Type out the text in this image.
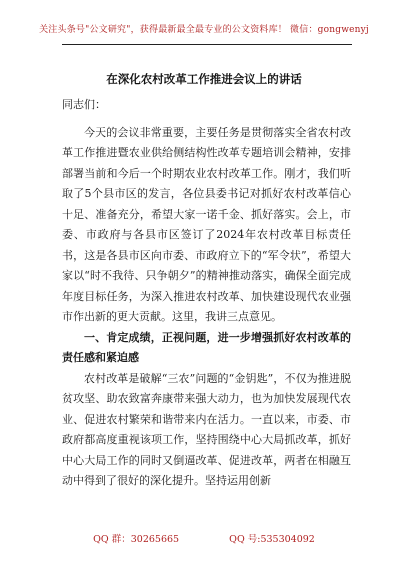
关注头条号"公文研究"，获得最新最全最专业的公文资料库！ 微信：gongwenyj
在深化农村改革工作推进会议上的讲话

同志们：

今天的会议非常重要，主要任务是贯彻落实全省农村改革工作推进暨农业供给侧结构性改革专题培训会精神，安排部署当前和今后一个时期农业农村改革工作。刚才，我们听取了5个县市区的发言，各位县委书记对抓好农村改革信心十足、准备充分，希望大家一诺千金、抓好落实。会上，市委、市政府与各县市区签订了2024年农村改革目标责任书，这是各县市区向市委、市政府立下的“军令状”，希望大家以“时不我待、只争朝夕”的精神推动落实，确保全面完成年度目标任务，为深入推进农村改革、加快建设现代农业强市作出新的更大贡献。这里，我讲三点意见。

一、肯定成绩，正视问题，进一步增强抓好农村改革的责任感和紧迫感

农村改革是破解“三农”问题的“金钥匙”，不仅为推进脱贫攻坚、助农致富奔康带来强大动力，也为加快发展现代农业、促进农村繁荣和谐带来内在活力。一直以来，市委、市政府都高度重视该项工作，坚持围绕中心大局抓改革，抓好中心大局工作的同时又倒逼改革、促进改革，两者在相融互动中得到了很好的深化提升。坚持运用创新

QQ 群：30265665	QQ 号:535304092
